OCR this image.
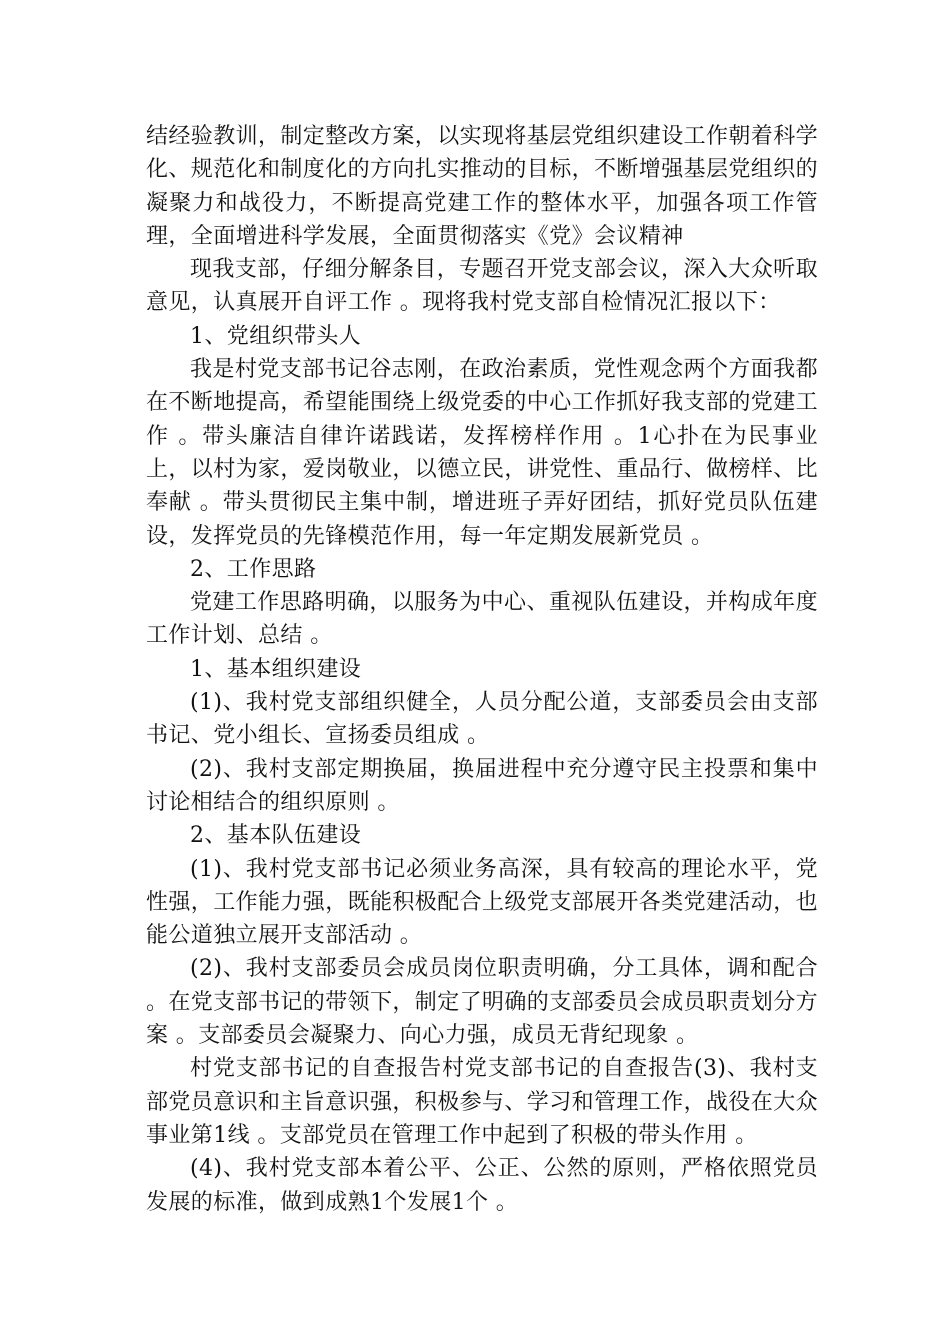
结经验教训，制定整改方案，以实现将基层党组织建设工作朝着科学化、规范化和制度化的方向扎实推动的目标，不断增强基层党组织的凝聚力和战役力，不断提高党建工作的整体水平，加强各项工作管理，全面增进科学发展，全面贯彻落实《党》会议精神

现我支部，仔细分解条目，专题召开党支部会议，深入大众听取意见，认真展开自评工作 。现将我村党支部自检情况汇报以下：

1、党组织带头人

我是村党支部书记谷志刚，在政治素质，党性观念两个方面我都在不断地提高，希望能围绕上级党委的中心工作抓好我支部的党建工作 。带头廉洁自律许诺践诺，发挥榜样作用 。1心扑在为民事业上，以村为家，爱岗敬业，以德立民，讲党性、重品行、做榜样、比奉献 。带头贯彻民主集中制，增进班子弄好团结，抓好党员队伍建设，发挥党员的先锋模范作用，每一年定期发展新党员 。

2、工作思路

党建工作思路明确，以服务为中心、重视队伍建设，并构成年度工作计划、总结 。

1、基本组织建设

(1)、我村党支部组织健全，人员分配公道，支部委员会由支部书记、党小组长、宣扬委员组成 。

(2)、我村支部定期换届，换届进程中充分遵守民主投票和集中讨论相结合的组织原则 。

2、基本队伍建设

(1)、我村党支部书记必须业务高深，具有较高的理论水平，党性强，工作能力强，既能积极配合上级党支部展开各类党建活动，也能公道独立展开支部活动 。

(2)、我村支部委员会成员岗位职责明确，分工具体，调和配合 。在党支部书记的带领下，制定了明确的支部委员会成员职责划分方案 。支部委员会凝聚力、向心力强，成员无背纪现象 。

村党支部书记的自查报告村党支部书记的自查报告(3)、我村支部党员意识和主旨意识强，积极参与、学习和管理工作，战役在大众事业第1线 。支部党员在管理工作中起到了积极的带头作用 。

(4)、我村党支部本着公平、公正、公然的原则，严格依照党员发展的标准，做到成熟1个发展1个 。
